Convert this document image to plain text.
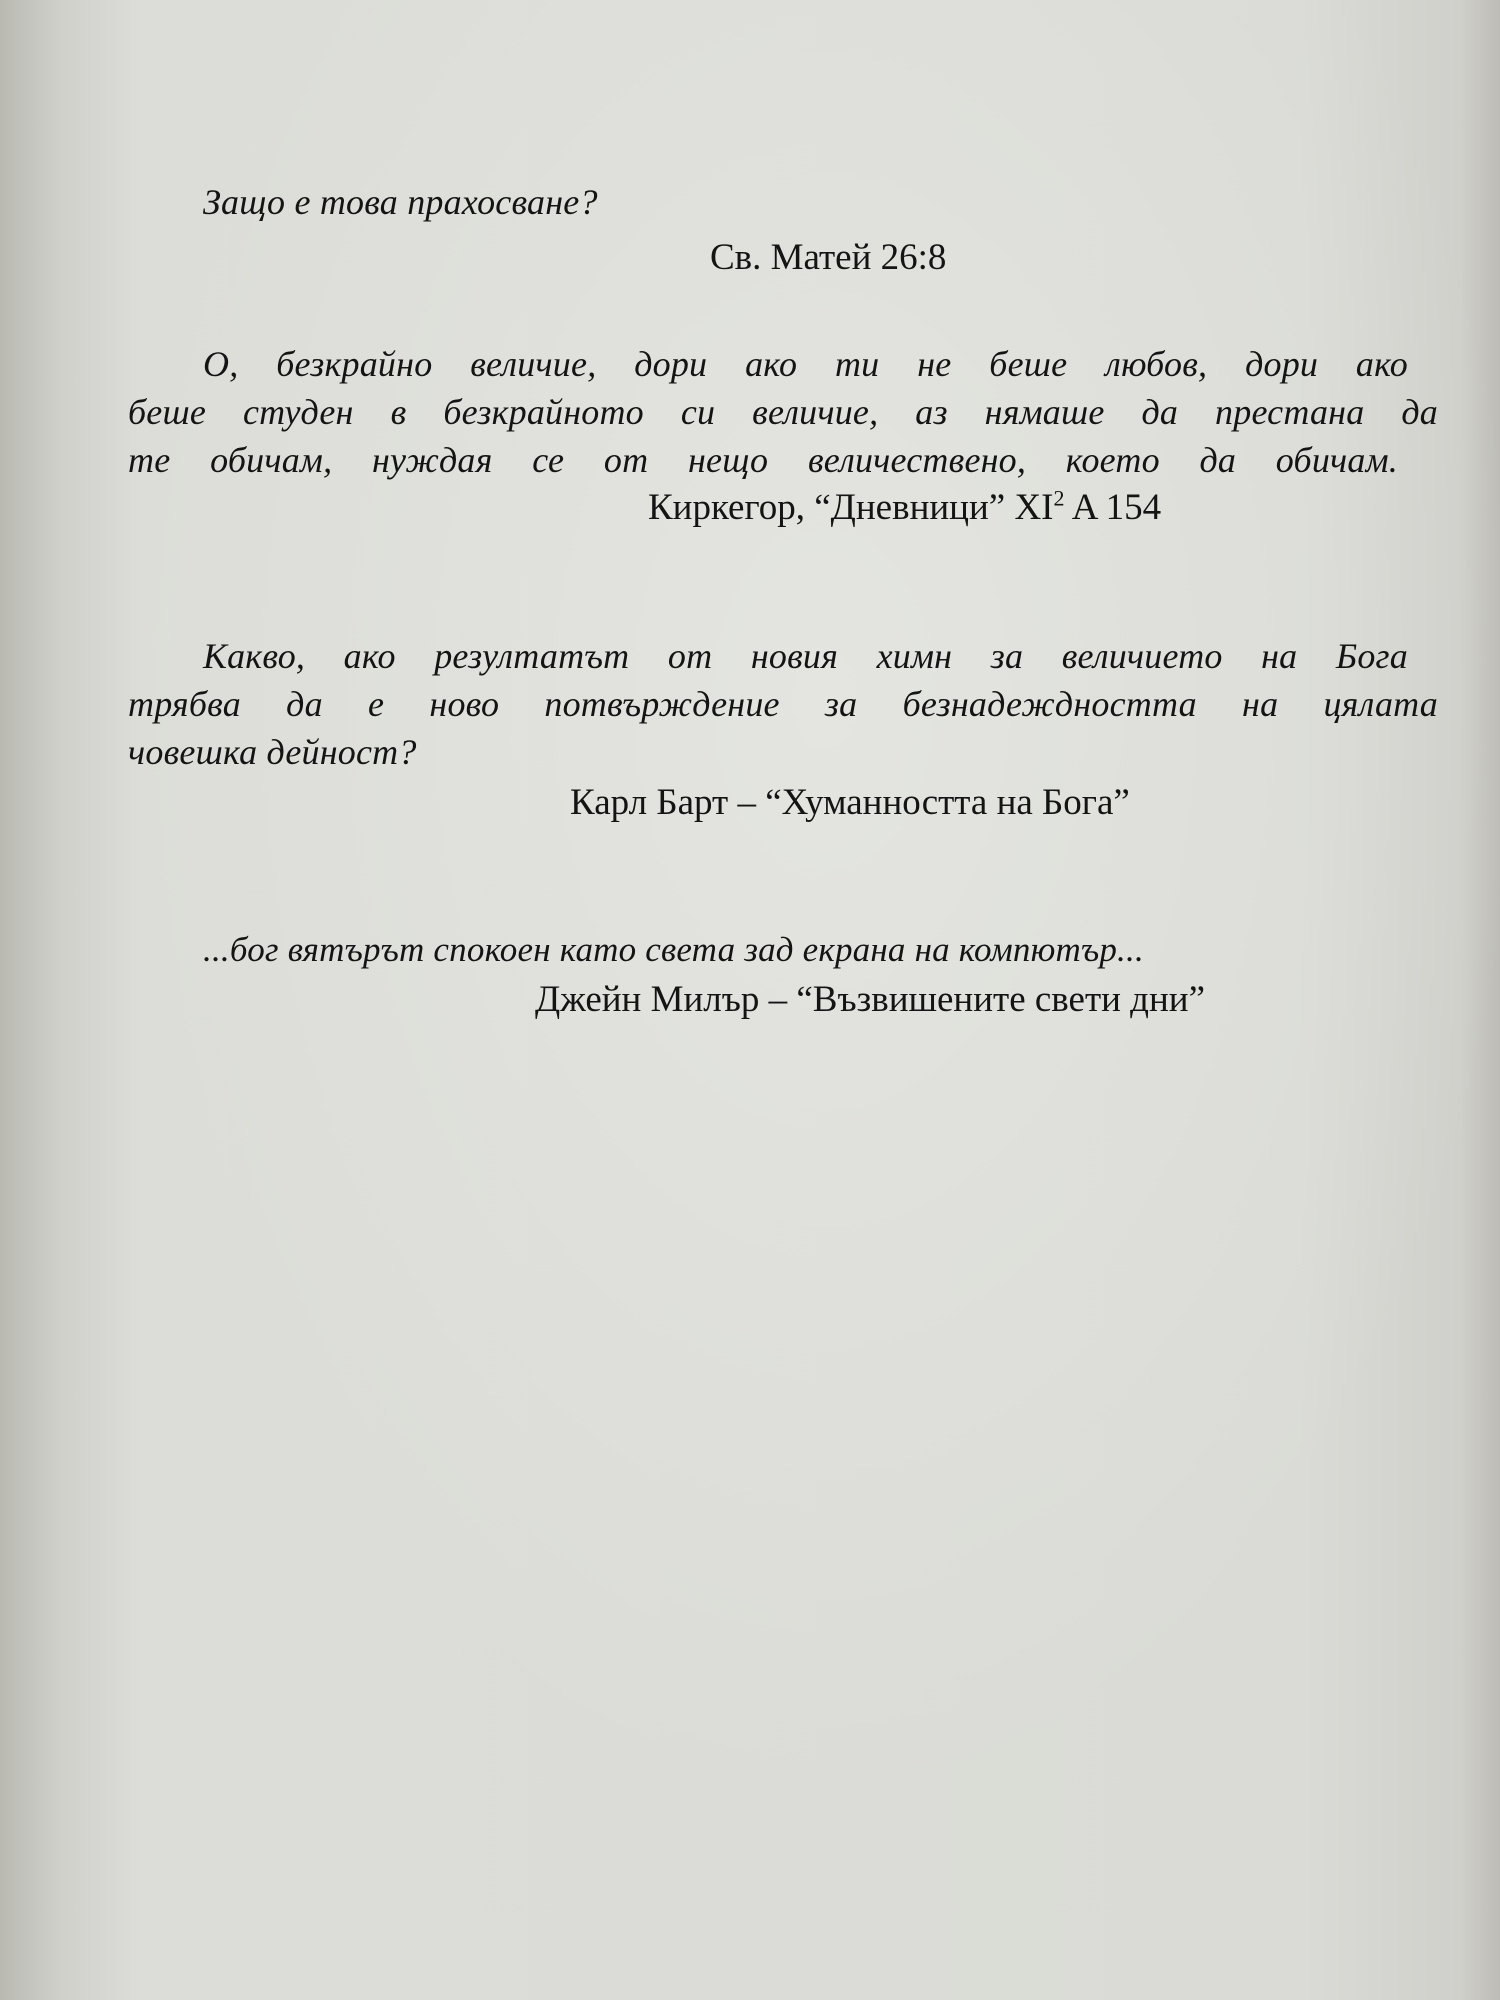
Защо е това прахосване?
Св. Матей 26:8
О, безкрайно величие, дори ако ти не беше любов, дори ако
беше студен в безкрайното си величие, аз нямаше да престана да
те обичам, нуждая се от нещо величествено, което да обичам.
Киркегор, “Дневници” $XI^2$ A 154
Какво, ако резултатът от новия химн за величието на Бога
трябва да е ново потвърждение за безнадеждността на цялата
човешка дейност?
Карл Барт – “Хуманността на Бога”
...бог вятърът спокоен като света зад екрана на компютър...
Джейн Милър – “Възвишените свети дни”
